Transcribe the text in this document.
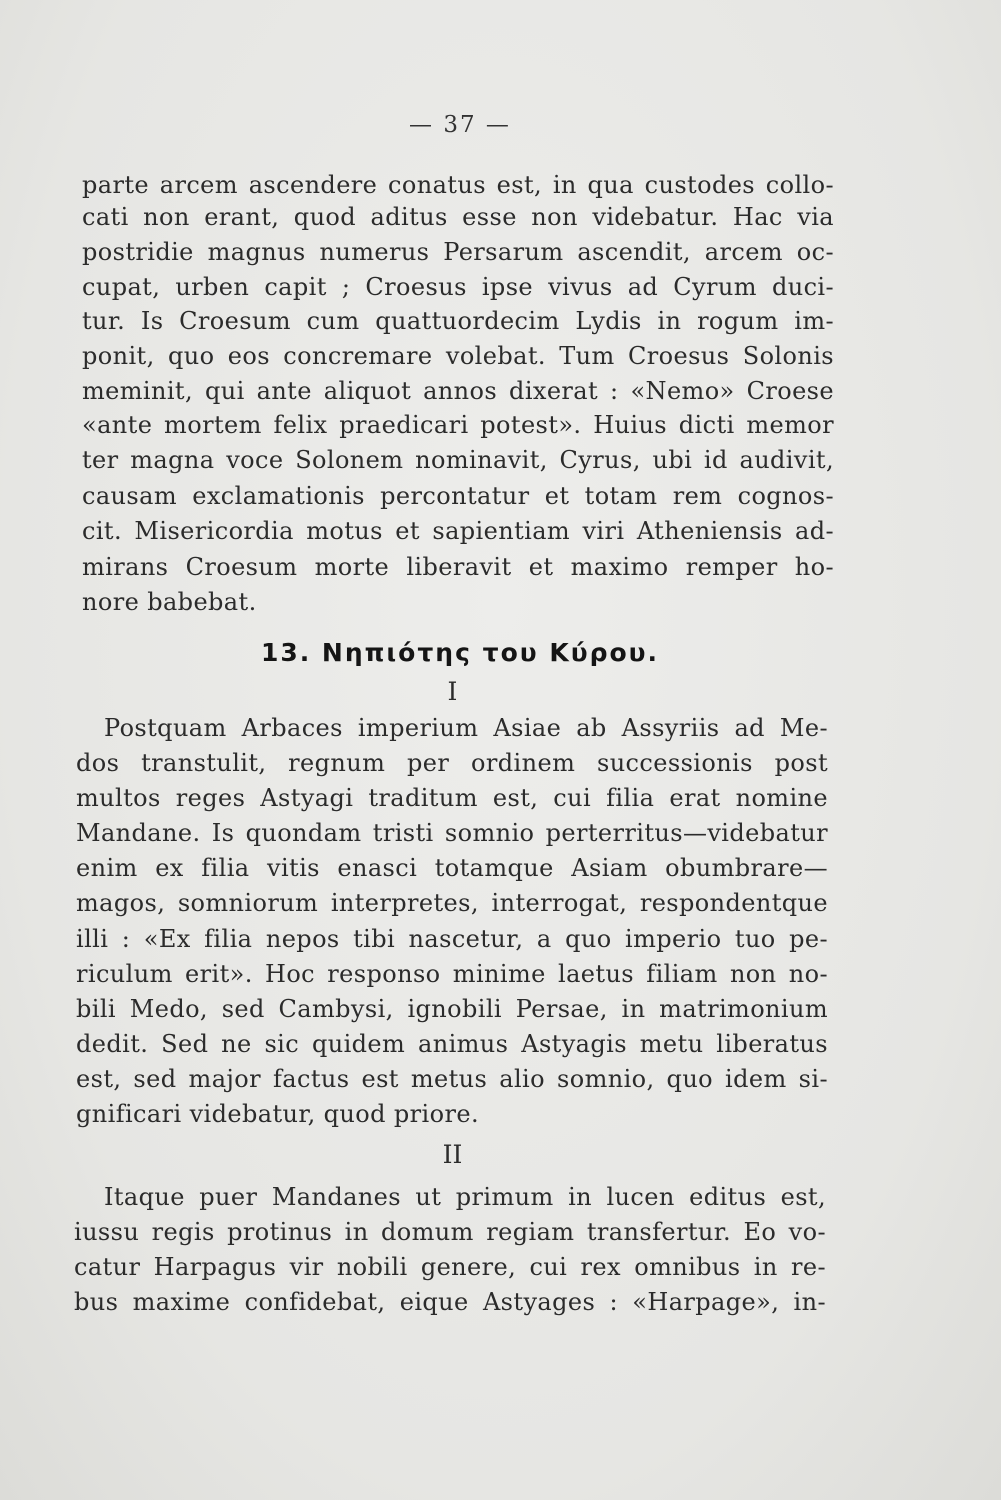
— 37 —
parte arcem ascendere conatus est, in qua custodes collo-
cati non erant, quod aditus esse non videbatur. Hac via
postridie magnus numerus Persarum ascendit, arcem oc-
cupat, urben capit ; Croesus ipse vivus ad Cyrum duci-
tur. Is Croesum cum quattuordecim Lydis in rogum im-
ponit, quo eos concremare volebat. Tum Croesus Solonis
meminit, qui ante aliquot annos dixerat : «Nemo» Croese
«ante mortem felix praedicari potest». Huius dicti memor
ter magna voce Solonem nominavit, Cyrus, ubi id audivit,
causam exclamationis percontatur et totam rem cognos-
cit. Misericordia motus et sapientiam viri Atheniensis ad-
mirans Croesum morte liberavit et maximo remper ho-
nore babebat.
13. Νηπιότης του Κύρου.
I
Postquam Arbaces imperium Asiae ab Assyriis ad Me-
dos transtulit, regnum per ordinem successionis post
multos reges Astyagi traditum est, cui filia erat nomine
Mandane. Is quondam tristi somnio perterritus—videbatur
enim ex filia vitis enasci totamque Asiam obumbrare—
magos, somniorum interpretes, interrogat, respondentque
illi : «Ex filia nepos tibi nascetur, a quo imperio tuo pe-
riculum erit». Hoc responso minime laetus filiam non no-
bili Medo, sed Cambysi, ignobili Persae, in matrimonium
dedit. Sed ne sic quidem animus Astyagis metu liberatus
est, sed major factus est metus alio somnio, quo idem si-
gnificari videbatur, quod priore.
II
Itaque puer Mandanes ut primum in lucen editus est,
iussu regis protinus in domum regiam transfertur. Eo vo-
catur Harpagus vir nobili genere, cui rex omnibus in re-
bus maxime confidebat, eique Astyages : «Harpage», in-
